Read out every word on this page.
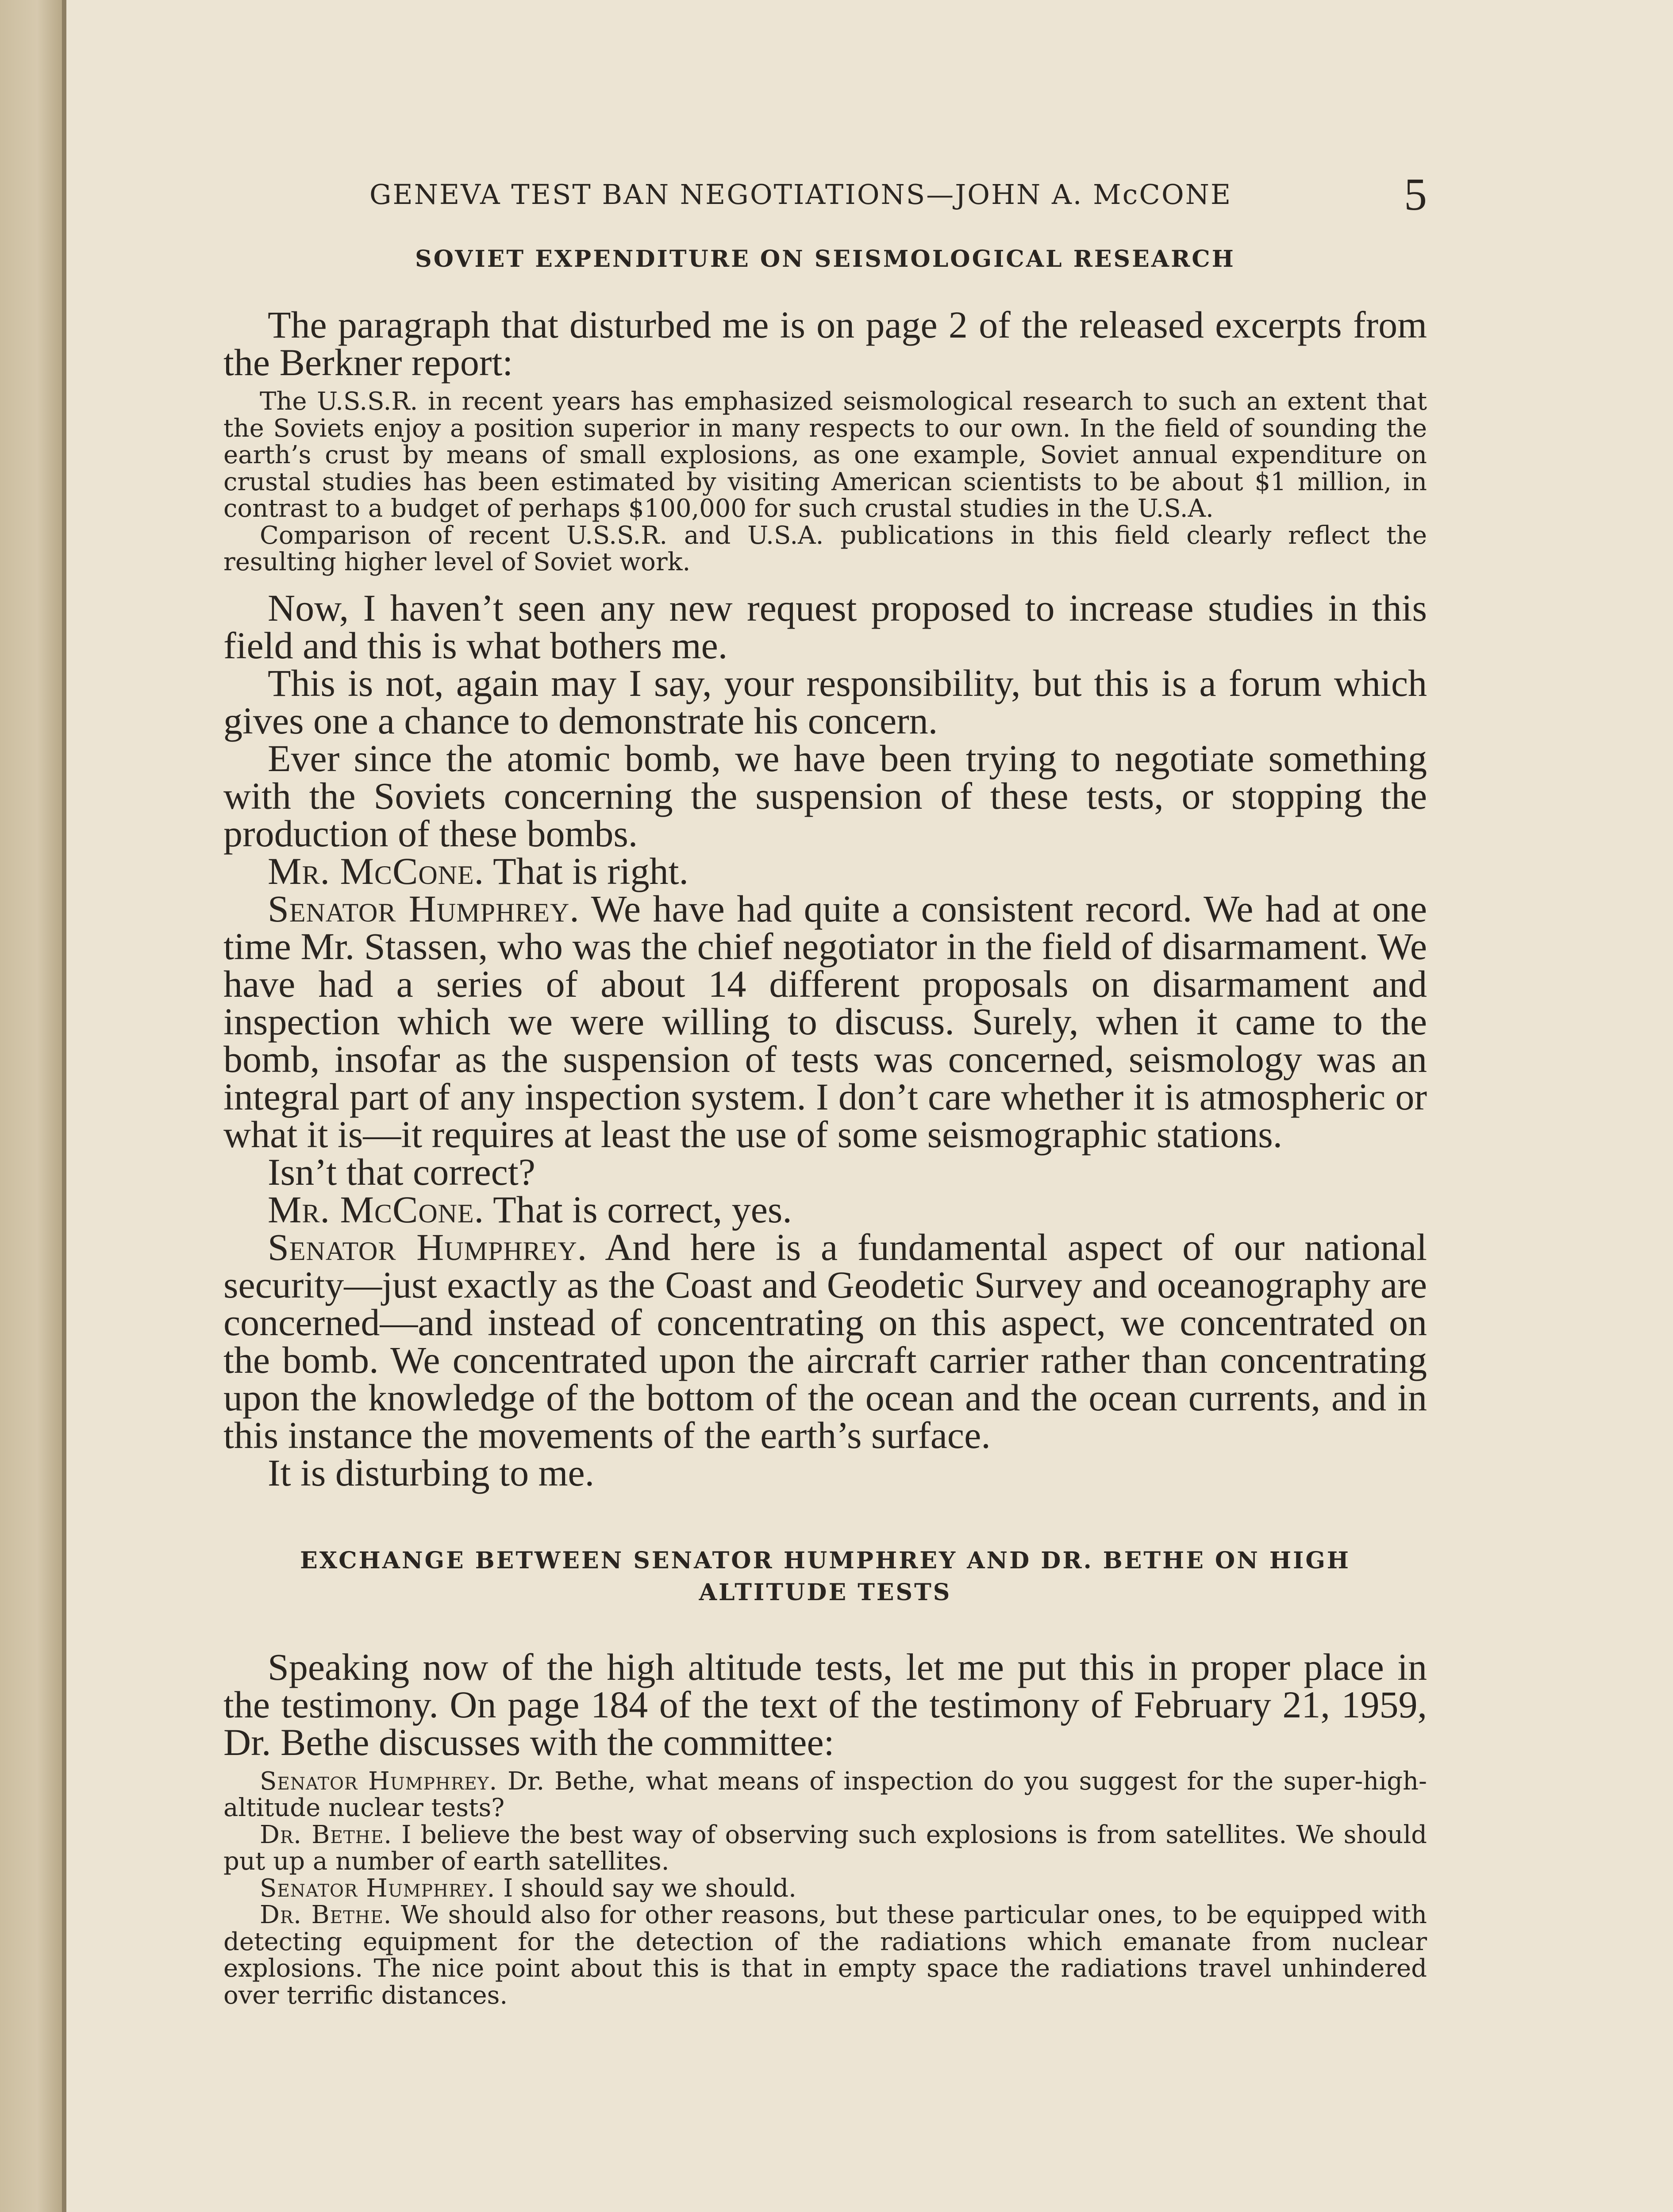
GENEVA TEST BAN NEGOTIATIONS—JOHN A. McCONE	5
SOVIET EXPENDITURE ON SEISMOLOGICAL RESEARCH

The paragraph that disturbed me is on page 2 of the released excerpts from the Berkner report:

The U.S.S.R. in recent years has emphasized seismological research to such an extent that the Soviets enjoy a position superior in many respects to our own. In the field of sounding the earth’s crust by means of small explosions, as one example, Soviet annual expenditure on crustal studies has been estimated by visiting American scientists to be about $1 million, in contrast to a budget of perhaps $100,000 for such crustal studies in the U.S.A.

Comparison of recent U.S.S.R. and U.S.A. publications in this field clearly reflect the resulting higher level of Soviet work.

Now, I haven’t seen any new request proposed to increase studies in this field and this is what bothers me.

This is not, again may I say, your responsibility, but this is a forum which gives one a chance to demonstrate his concern.

Ever since the atomic bomb, we have been trying to negotiate something with the Soviets concerning the suspension of these tests, or stopping the production of these bombs.

Mr. McCone. That is right.

Senator Humphrey. We have had quite a consistent record. We had at one time Mr. Stassen, who was the chief negotiator in the field of disarmament. We have had a series of about 14 different proposals on disarmament and inspection which we were willing to discuss. Surely, when it came to the bomb, insofar as the suspension of tests was concerned, seismology was an integral part of any inspection system. I don’t care whether it is atmospheric or what it is—it requires at least the use of some seismographic stations.

Isn’t that correct?

Mr. McCone. That is correct, yes.

Senator Humphrey. And here is a fundamental aspect of our national security—just exactly as the Coast and Geodetic Survey and oceanography are concerned—and instead of concentrating on this aspect, we concentrated on the bomb. We concentrated upon the aircraft carrier rather than concentrating upon the knowledge of the bottom of the ocean and the ocean currents, and in this instance the movements of the earth’s surface.

It is disturbing to me.

EXCHANGE BETWEEN SENATOR HUMPHREY AND DR. BETHE ON HIGH ALTITUDE TESTS

Speaking now of the high altitude tests, let me put this in proper place in the testimony. On page 184 of the text of the testimony of February 21, 1959, Dr. Bethe discusses with the committee:

Senator Humphrey. Dr. Bethe, what means of inspection do you suggest for the super-high-altitude nuclear tests?

Dr. Bethe. I believe the best way of observing such explosions is from satellites. We should put up a number of earth satellites.

Senator Humphrey. I should say we should.

Dr. Bethe. We should also for other reasons, but these particular ones, to be equipped with detecting equipment for the detection of the radiations which emanate from nuclear explosions. The nice point about this is that in empty space the radiations travel unhindered over terrific distances.
